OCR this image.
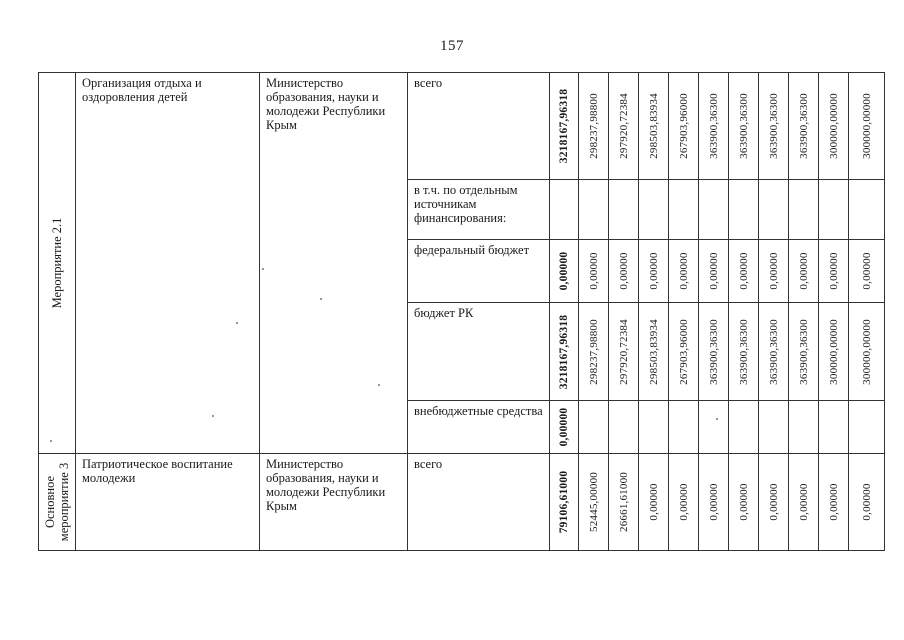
157
Мероприятие 2.1	Организация отдыха и оздоровления детей	Министерство образования, науки и молодежи Республики Крым	всего	3218167,96318	298237,98800	297920,72384	298503,83934	267903,96000	363900,36300	363900,36300	363900,36300	363900,36300	300000,00000	300000,00000

			в т.ч. по отдельным источникам финансирования:											

			федеральный бюджет	0,00000	0,00000	0,00000	0,00000	0,00000	0,00000	0,00000	0,00000	0,00000	0,00000	0,00000

			бюджет РК	3218167,96318	298237,98800	297920,72384	298503,83934	267903,96000	363900,36300	363900,36300	363900,36300	363900,36300	300000,00000	300000,00000

			внебюджетные средства	0,00000										

Основное мероприятие 3	Патриотическое воспитание молодежи	Министерство образования, науки и молодежи Республики Крым	всего	79106,61000	52445,00000	26661,61000	0,00000	0,00000	0,00000	0,00000	0,00000	0,00000	0,00000	0,00000
